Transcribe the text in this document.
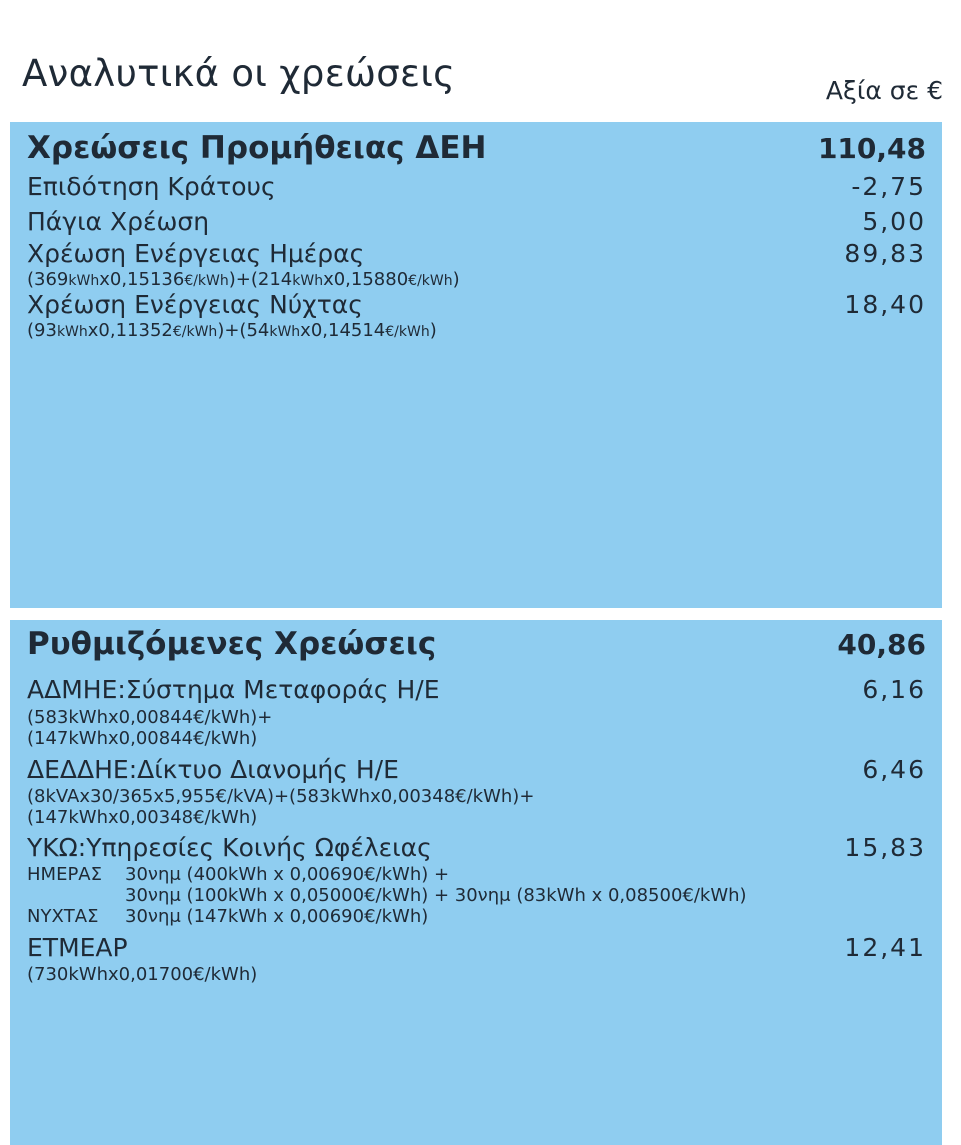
Αναλυτικά οι χρεώσεις	Αξία σε €
Χρεώσεις Προμήθειας ΔΕΗ	110,48
Επιδότηση Κράτους	-2,75
Πάγια Χρέωση	5,00
Χρέωση Ενέργειας Ημέρας	89,83
(369kWhx0,15136€/kWh)+(214kWhx0,15880€/kWh)
Χρέωση Ενέργειας Νύχτας	18,40
(93kWhx0,11352€/kWh)+(54kWhx0,14514€/kWh)
Ρυθμιζόμενες Χρεώσεις	40,86
ΑΔΜΗΕ:Σύστημα Μεταφοράς Η/Ε	6,16
(583kWhx0,00844€/kWh)+
(147kWhx0,00844€/kWh)
ΔΕΔΔΗΕ:Δίκτυο Διανομής Η/Ε	6,46
(8kVAx30/365x5,955€/kVA)+(583kWhx0,00348€/kWh)+
(147kWhx0,00348€/kWh)
ΥΚΩ:Υπηρεσίες Κοινής Ωφέλειας	15,83
ΗΜΕΡΑΣ 30νημ (400kWh x 0,00690€/kWh) +
30νημ (100kWh x 0,05000€/kWh) + 30νημ (83kWh x 0,08500€/kWh)
ΝΥΧΤΑΣ 30νημ (147kWh x 0,00690€/kWh)
ΕΤΜΕΑΡ	12,41
(730kWhx0,01700€/kWh)
